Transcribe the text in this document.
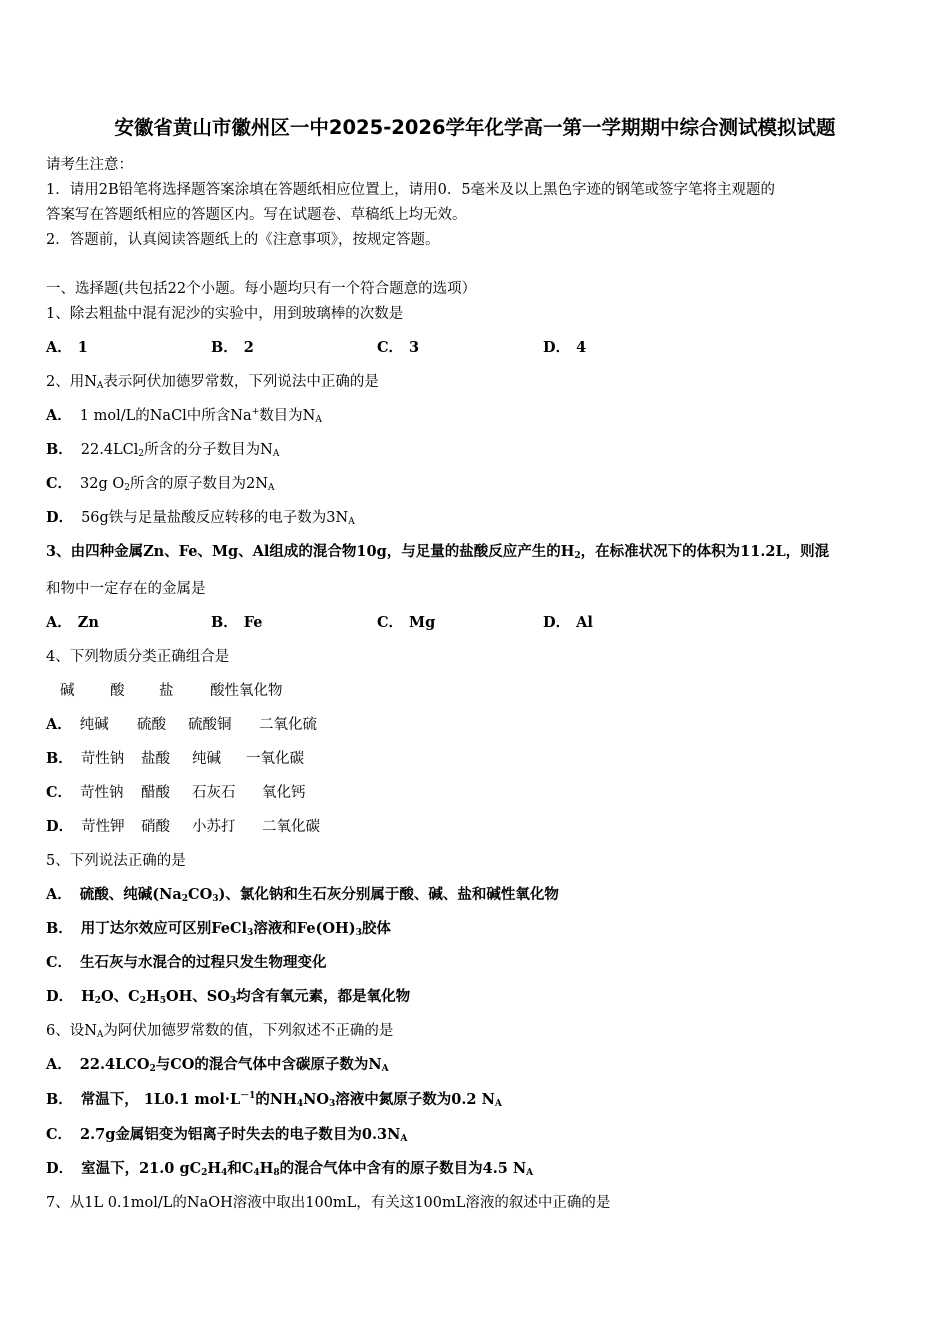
安徽省黄山市徽州区一中2025-2026学年化学高一第一学期期中综合测试模拟试题
请考生注意：
1．请用2B铅笔将选择题答案涂填在答题纸相应位置上，请用0．5毫米及以上黑色字迹的钢笔或签字笔将主观题的
答案写在答题纸相应的答题区内。写在试题卷、草稿纸上均无效。
2．答题前，认真阅读答题纸上的《注意事项》，按规定答题。
一、选择题(共包括22个小题。每小题均只有一个符合题意的选项）
1、除去粗盐中混有泥沙的实验中，用到玻璃棒的次数是
A． 1	B． 2	C． 3	D． 4
2、用$N_A$表示阿伏加德罗常数，下列说法中正确的是
A． 1 mol/L的NaCl中所含Na+数目为$N_A$
B． 22.4LCl$_2$所含的分子数目为$N_A$
C． 32g $O_2$所含的原子数目为$2N_A$
D． 56g铁与足量盐酸反应转移的电子数为$3N_A$
3、由四种金属Zn、Fe、Mg、Al组成的混合物10g，与足量的盐酸反应产生的$H_2$，在标准状况下的体积为11.2L，则混
和物中一定存在的金属是
A． Zn	B． Fe	C． Mg	D． Al
4、下列物质分类正确组合是
碱 酸 盐	酸性氧化物
A． 纯碱 硫酸 硫酸铜 二氧化硫
B． 苛性钠 盐酸 纯碱 一氧化碳
C． 苛性钠 醋酸 石灰石 氧化钙
D． 苛性钾 硝酸 小苏打 二氧化碳
5、下列说法正确的是
A． 硫酸、纯碱$(Na_2CO_3)$、氯化钠和生石灰分别属于酸、碱、盐和碱性氧化物
B． 用丁达尔效应可区别FeCl$_3$溶液和$Fe(OH)_3$胶体
C． 生石灰与水混合的过程只发生物理变化
D． $H_2O$、$C_2H_5OH$、$SO_3$均含有氧元素，都是氧化物
6、设$N_A$为阿伏加德罗常数的值，下列叙述不正确的是
A． $22.4LCO_2$与CO的混合气体中含碳原子数为$N_A$
B． 常温下， 1L0.1 $mol\cdot L^{-1}$的$NH_4NO_3$溶液中氮原子数为0.2 $N_A$
C． 2.7g金属铝变为铝离子时失去的电子数目为$0.3N_A$
D． 室温下，21.0 $gC_2H_4$和$C_4H_8$的混合气体中含有的原子数目为4.5 $N_A$
7、从1L 0.1mol/L的NaOH溶液中取出100mL，有关这100mL溶液的叙述中正确的是
